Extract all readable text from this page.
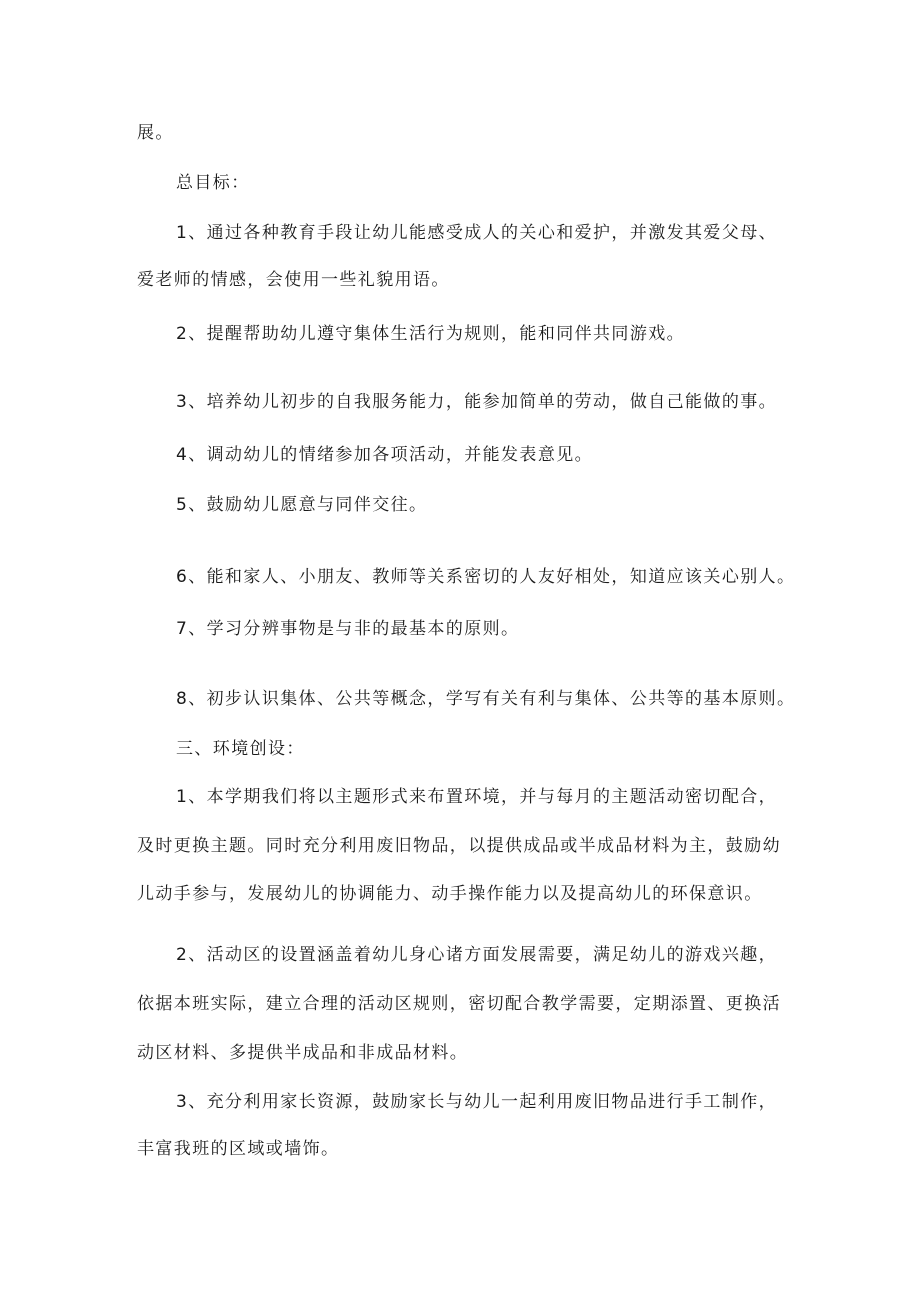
展。
总目标：
1、通过各种教育手段让幼儿能感受成人的关心和爱护，并激发其爱父母、
爱老师的情感，会使用一些礼貌用语。
2、提醒帮助幼儿遵守集体生活行为规则，能和同伴共同游戏。
3、培养幼儿初步的自我服务能力，能参加简单的劳动，做自己能做的事。
4、调动幼儿的情绪参加各项活动，并能发表意见。
5、鼓励幼儿愿意与同伴交往。
6、能和家人、小朋友、教师等关系密切的人友好相处，知道应该关心别人。
7、学习分辨事物是与非的最基本的原则。
8、初步认识集体、公共等概念，学写有关有利与集体、公共等的基本原则。
三、环境创设：
1、本学期我们将以主题形式来布置环境，并与每月的主题活动密切配合，
及时更换主题。同时充分利用废旧物品，以提供成品或半成品材料为主，鼓励幼
儿动手参与，发展幼儿的协调能力、动手操作能力以及提高幼儿的环保意识。
2、活动区的设置涵盖着幼儿身心诸方面发展需要，满足幼儿的游戏兴趣，
依据本班实际，建立合理的活动区规则，密切配合教学需要，定期添置、更换活
动区材料、多提供半成品和非成品材料。
3、充分利用家长资源，鼓励家长与幼儿一起利用废旧物品进行手工制作，
丰富我班的区域或墙饰。
